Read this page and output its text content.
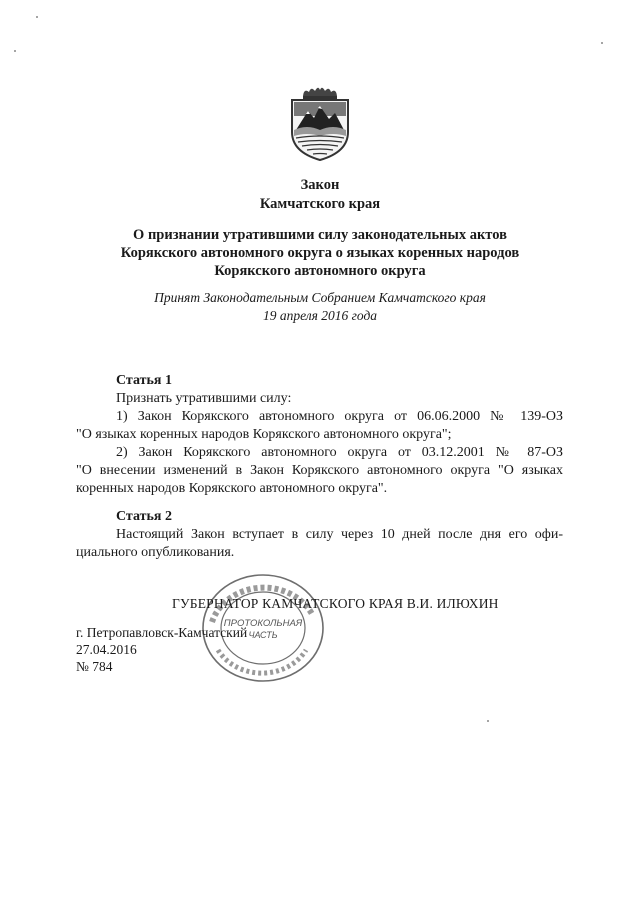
Закон
Камчатского края
О признании утратившими силу законодательных актов
Корякского автономного округа о языках коренных народов
Корякского автономного округа
Принят Законодательным Собранием Камчатского края
19 апреля 2016 года
Статья 1
Признать утратившими силу:
1) Закон Корякского автономного округа от 06.06.2000 № 139-ОЗ
"О языках коренных народов Корякского автономного округа";
2) Закон Корякского автономного округа от 03.12.2001 № 87-ОЗ
"О внесении изменений в Закон Корякского автономного округа "О языках
коренных народов Корякского автономного округа".
Статья 2
Настоящий Закон вступает в силу через 10 дней после дня его офи-
циального опубликования.
ПРОТОКОЛЬНАЯ
ЧАСТЬ
ГУБЕРНАТОР КАМЧАТСКОГО КРАЯ В.И. ИЛЮХИН
г. Петропавловск-Камчатский
27.04.2016
№ 784
